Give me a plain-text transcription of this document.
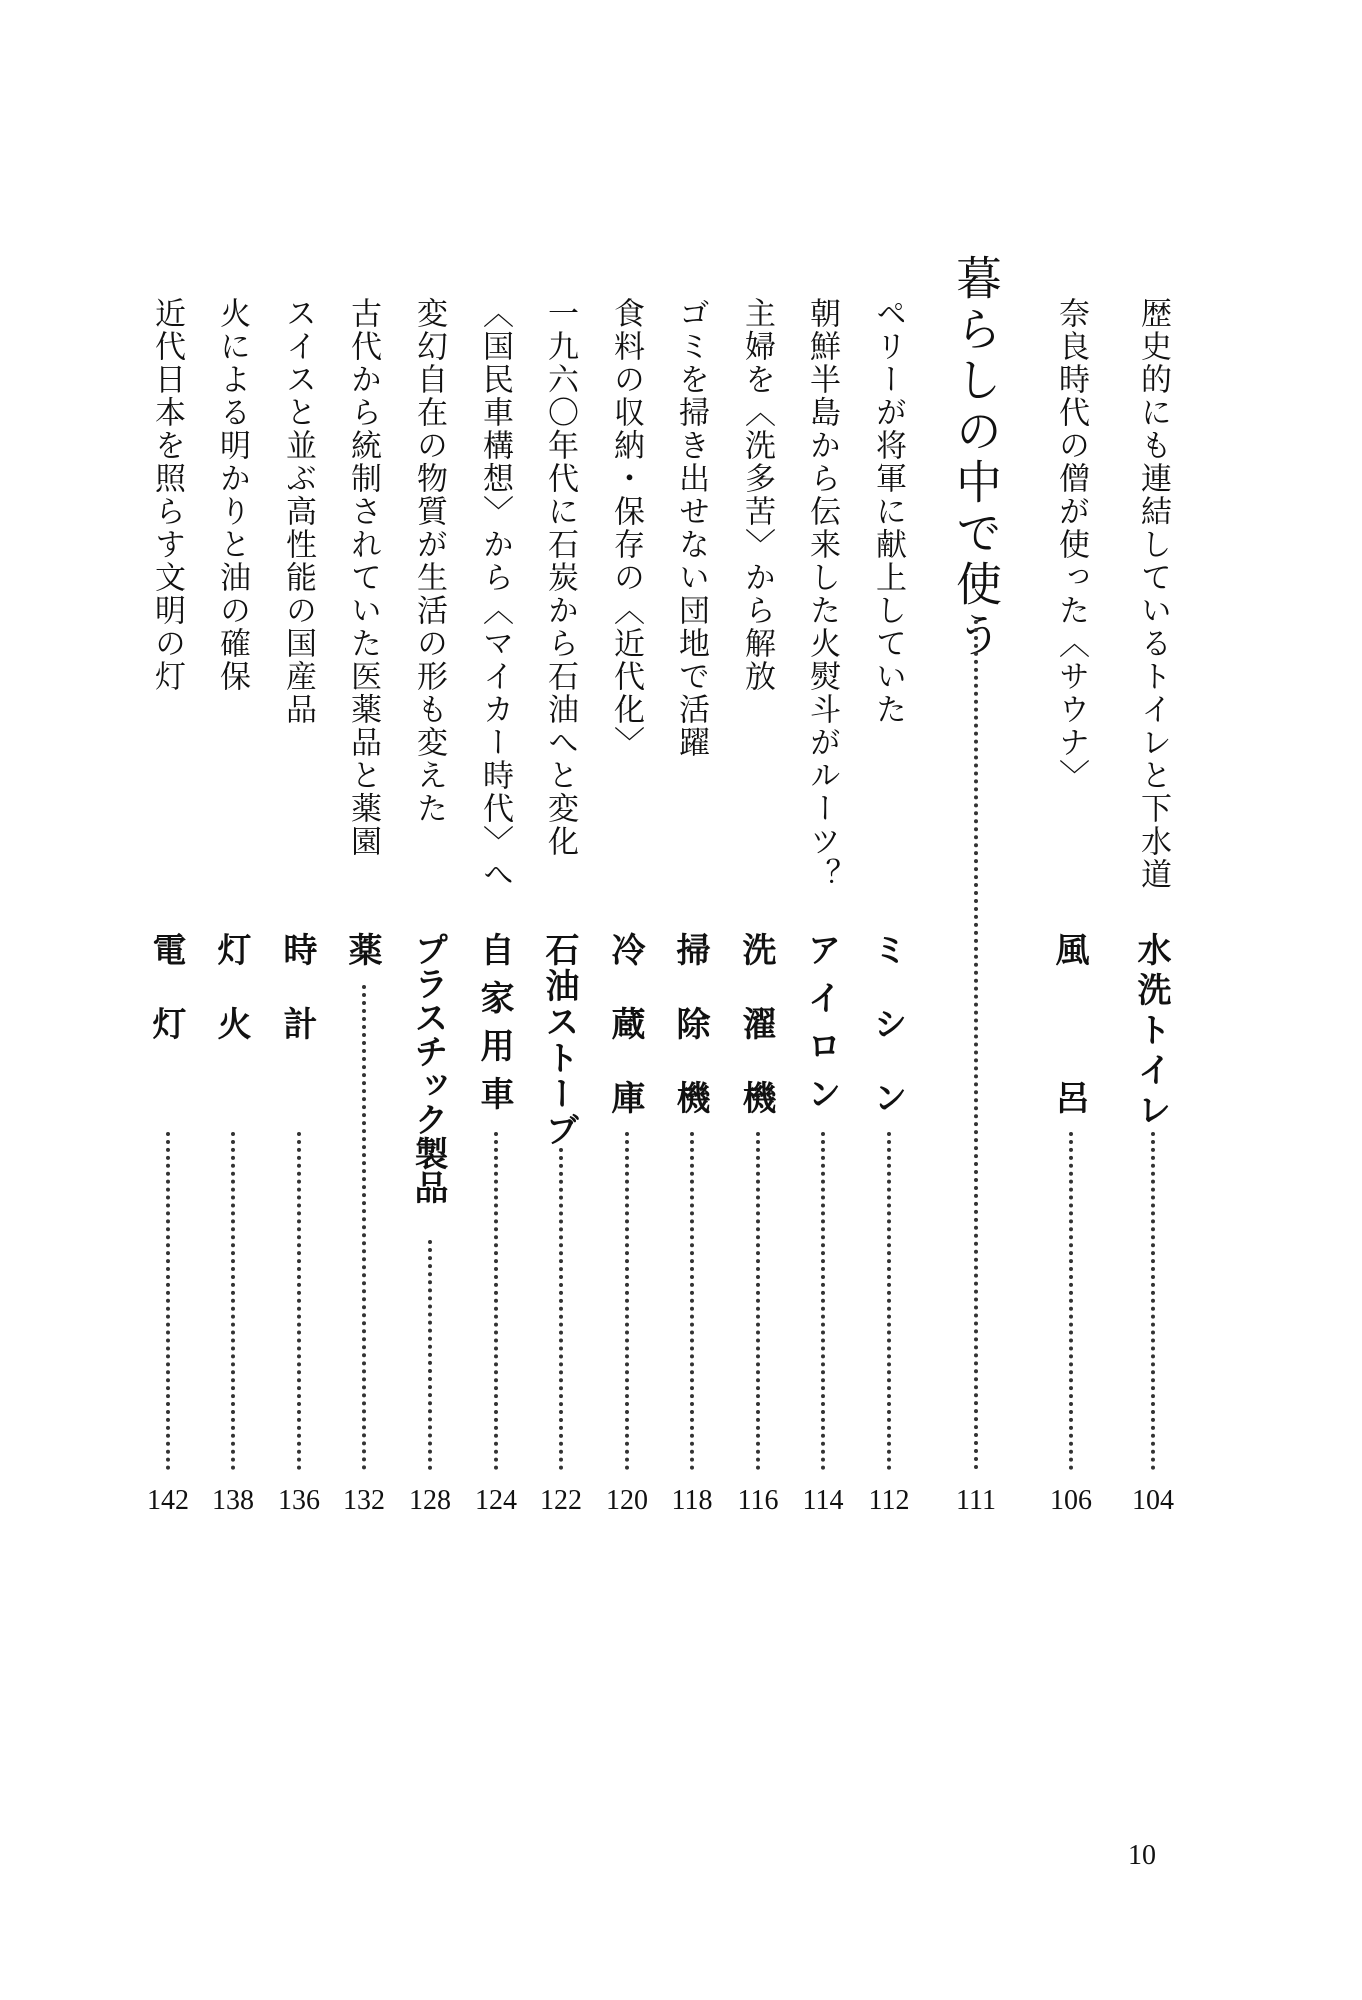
歴史的にも連結しているトイレと下水道
水洗トイレ
104
奈良時代の僧が使った〈サウナ〉
風　呂
106
暮らしの中で使う
111
ペリーが将軍に献上していた
ミシン
112
朝鮮半島から伝来した火熨斗がルーツ？
アイロン
114
主婦を〈洗多苦〉から解放
洗濯機
116
ゴミを掃き出せない団地で活躍
掃除機
118
食料の収納・保存の〈近代化〉
冷蔵庫
120
一九六〇年代に石炭から石油へと変化
石油ストーブ
122
〈国民車構想〉から〈マイカー時代〉へ
自家用車
124
変幻自在の物質が生活の形も変えた
プラスチック製品
128
古代から統制されていた医薬品と薬園
薬
132
スイスと並ぶ高性能の国産品
時計
136
火による明かりと油の確保
灯火
138
近代日本を照らす文明の灯
電灯
142
10
